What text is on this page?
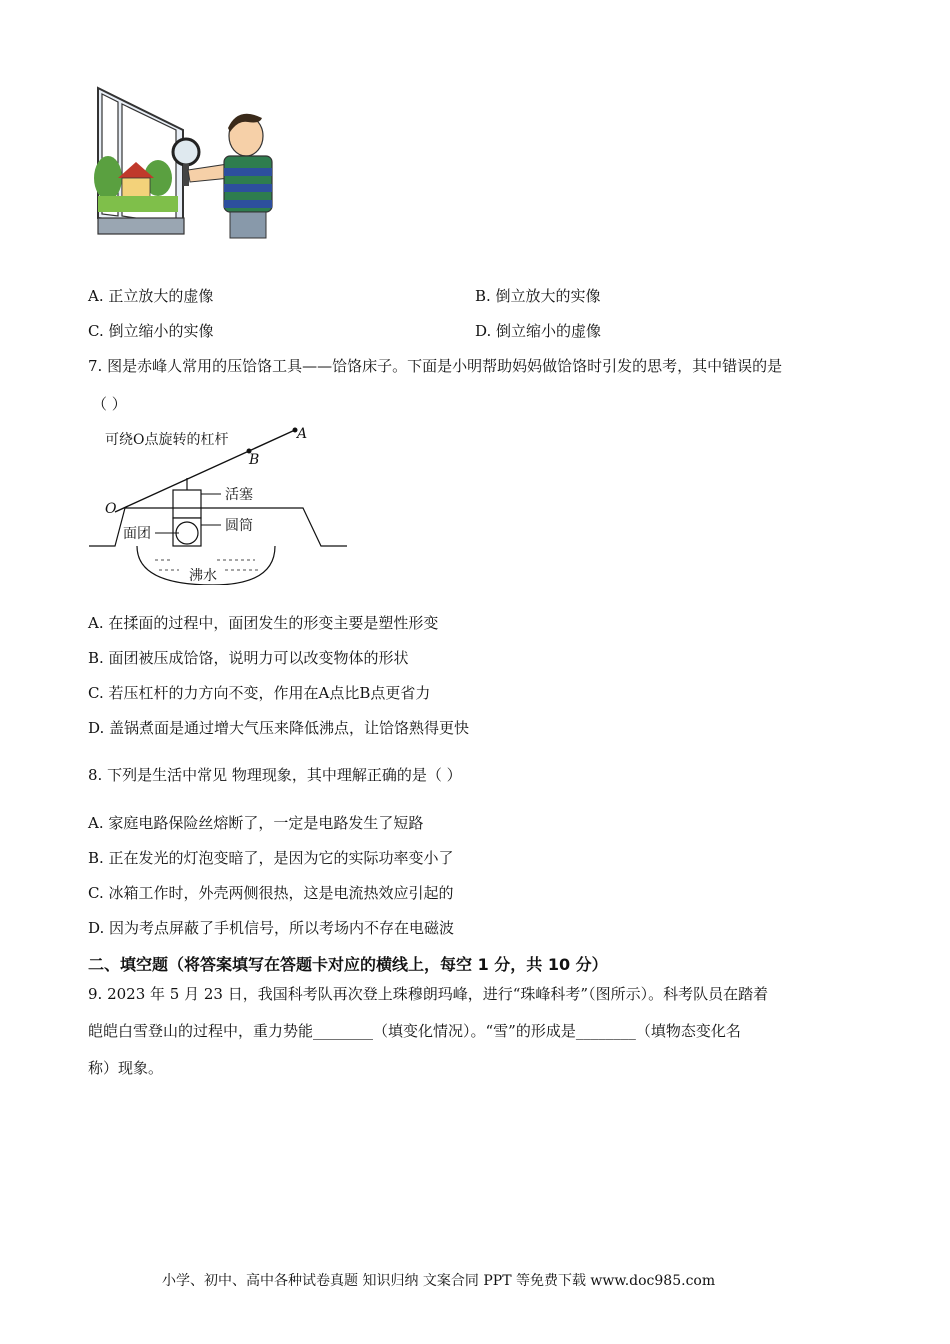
A. 正立放大的虚像	B. 倒立放大的实像
C. 倒立缩小的实像	D. 倒立缩小的虚像
7. 图是赤峰人常用的压饸饹工具——饸饹床子。下面是小明帮助妈妈做饸饹时引发的思考，其中错误的是
（ ）
可绕O点旋转的杠杆	A
B
O
活塞
圆筒
面团
沸水
A. 在揉面的过程中，面团发生的形变主要是塑性形变
B. 面团被压成饸饹，说明力可以改变物体的形状
C. 若压杠杆的力方向不变，作用在A点比B点更省力
D. 盖锅煮面是通过增大气压来降低沸点，让饸饹熟得更快
8. 下列是生活中常见 物理现象，其中理解正确的是（ ）
A. 家庭电路保险丝熔断了，一定是电路发生了短路
B. 正在发光的灯泡变暗了，是因为它的实际功率变小了
C. 冰箱工作时，外壳两侧很热，这是电流热效应引起的
D. 因为考点屏蔽了手机信号，所以考场内不存在电磁波
二、填空题（将答案填写在答题卡对应的横线上，每空 1 分，共 10 分）
9. 2023 年 5 月 23 日，我国科考队再次登上珠穆朗玛峰，进行“珠峰科考”（图所示）。科考队员在踏着
皑皑白雪登山的过程中，重力势能________（填变化情况）。“雪”的形成是________（填物态变化名
称）现象。
小学、初中、高中各种试卷真题 知识归纳 文案合同 PPT 等免费下载 www.doc985.com
